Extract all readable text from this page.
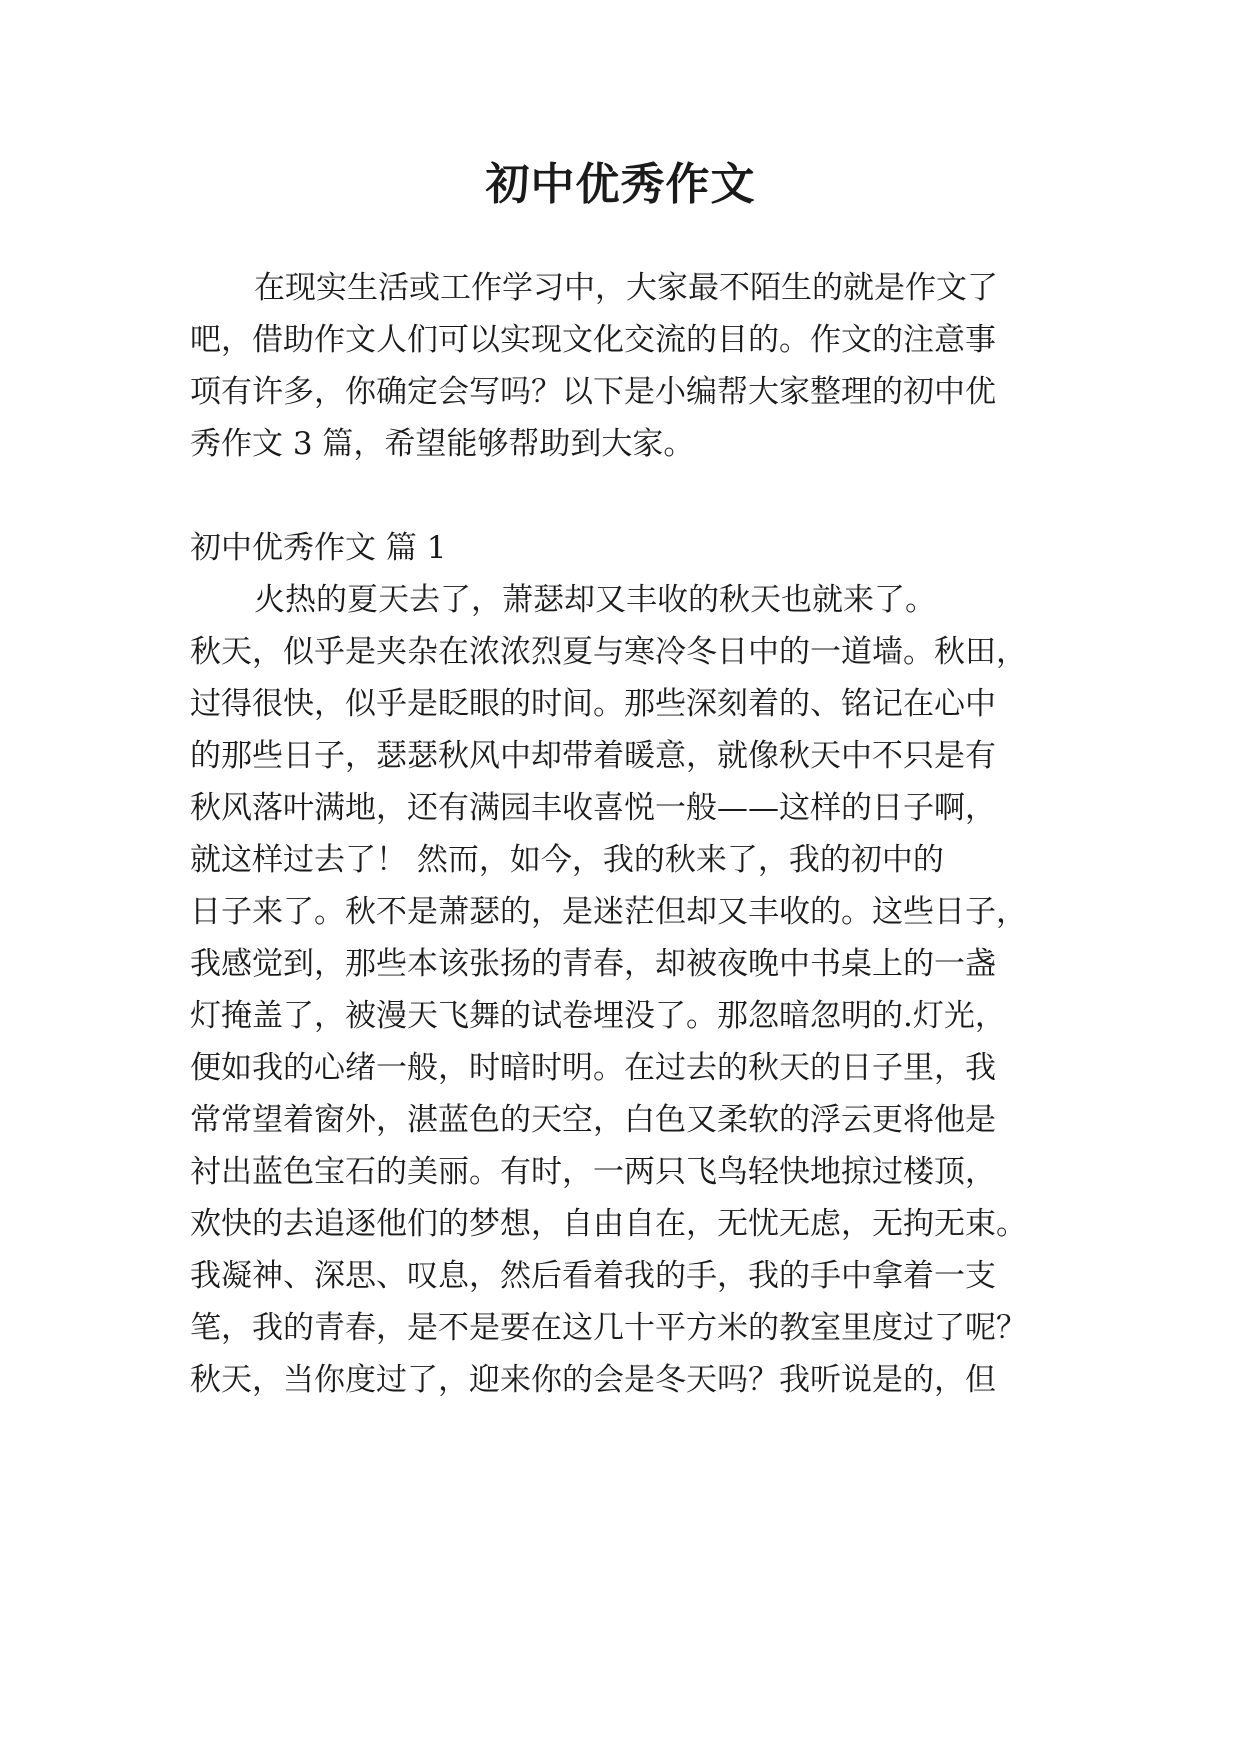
初中优秀作文
在现实生活或工作学习中，大家最不陌生的就是作文了
吧，借助作文人们可以实现文化交流的目的。作文的注意事
项有许多，你确定会写吗？以下是小编帮大家整理的初中优
秀作文 3 篇，希望能够帮助到大家。
初中优秀作文 篇 1
火热的夏天去了，萧瑟却又丰收的秋天也就来了。
秋天，似乎是夹杂在浓浓烈夏与寒冷冬日中的一道墙。秋田，
过得很快，似乎是眨眼的时间。那些深刻着的、铭记在心中
的那些日子，瑟瑟秋风中却带着暖意，就像秋天中不只是有
秋风落叶满地，还有满园丰收喜悦一般——这样的日子啊，
就这样过去了！ 然而，如今，我的秋来了，我的初中的
日子来了。秋不是萧瑟的，是迷茫但却又丰收的。这些日子，
我感觉到，那些本该张扬的青春，却被夜晚中书桌上的一盏
灯掩盖了，被漫天飞舞的试卷埋没了。那忽暗忽明的.灯光，
便如我的心绪一般，时暗时明。在过去的秋天的日子里，我
常常望着窗外，湛蓝色的天空，白色又柔软的浮云更将他是
衬出蓝色宝石的美丽。有时，一两只飞鸟轻快地掠过楼顶，
欢快的去追逐他们的梦想，自由自在，无忧无虑，无拘无束。
我凝神、深思、叹息，然后看着我的手，我的手中拿着一支
笔，我的青春，是不是要在这几十平方米的教室里度过了呢？
秋天，当你度过了，迎来你的会是冬天吗？我听说是的，但
